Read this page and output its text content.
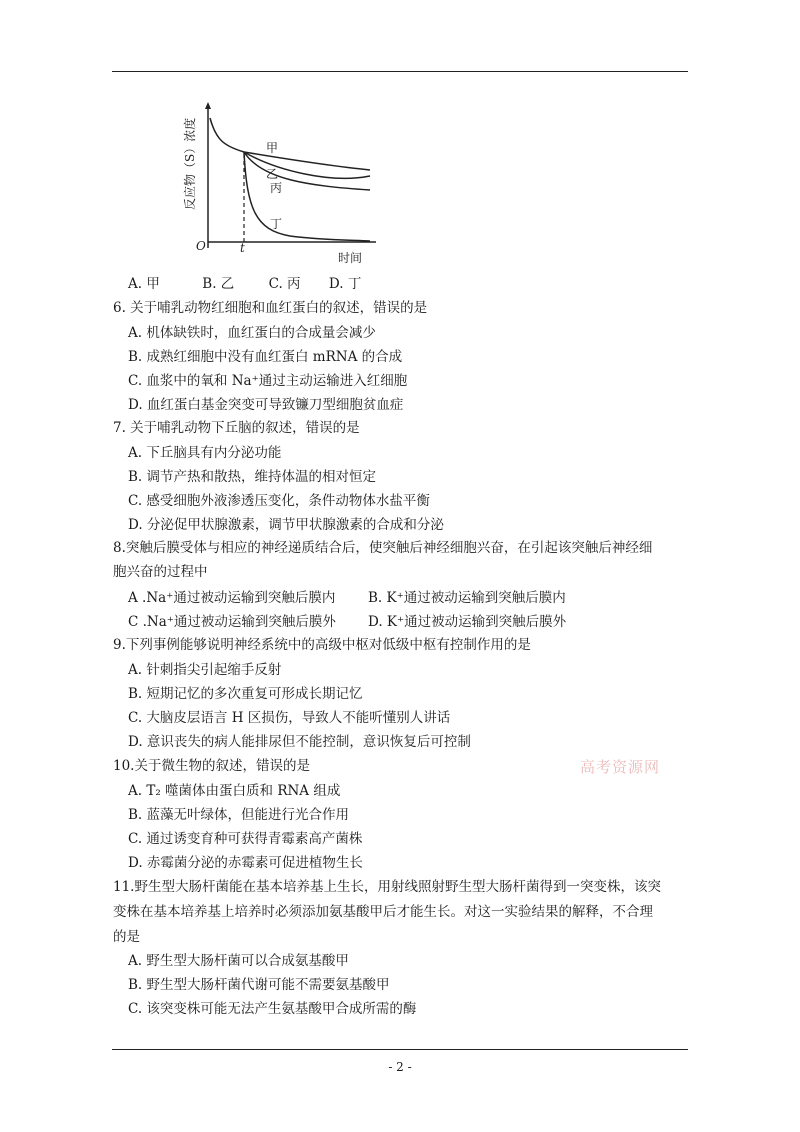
反应物（S）浓度	甲
乙
丙
丁
O	t
时间
A. 甲	B. 乙	C. 丙 D. 丁
6. 关于哺乳动物红细胞和血红蛋白的叙述，错误的是
A. 机体缺铁时，血红蛋白的合成量会减少
B. 成熟红细胞中没有血红蛋白 mRNA 的合成
C. 血浆中的氧和 Na⁺通过主动运输进入红细胞
D. 血红蛋白基金突变可导致镰刀型细胞贫血症
7. 关于哺乳动物下丘脑的叙述，错误的是
A. 下丘脑具有内分泌功能
B. 调节产热和散热，维持体温的相对恒定
C. 感受细胞外液渗透压变化，条件动物体水盐平衡
D. 分泌促甲状腺激素，调节甲状腺激素的合成和分泌
8.突触后膜受体与相应的神经递质结合后，使突触后神经细胞兴奋，在引起该突触后神经细
胞兴奋的过程中
A .Na⁺通过被动运输到突触后膜内 B. K⁺通过被动运输到突触后膜内
C .Na⁺通过被动运输到突触后膜外 D. K⁺通过被动运输到突触后膜外
9.下列事例能够说明神经系统中的高级中枢对低级中枢有控制作用的是
A. 针刺指尖引起缩手反射
B. 短期记忆的多次重复可形成长期记忆
C. 大脑皮层语言 H 区损伤，导致人不能听懂别人讲话
D. 意识丧失的病人能排尿但不能控制，意识恢复后可控制
高考资源网
10.关于微生物的叙述，错误的是
A. T₂ 噬菌体由蛋白质和 RNA 组成
B. 蓝藻无叶绿体，但能进行光合作用
C. 通过诱变育种可获得青霉素高产菌株
D. 赤霉菌分泌的赤霉素可促进植物生长
11.野生型大肠杆菌能在基本培养基上生长，用射线照射野生型大肠杆菌得到一突变株，该突
变株在基本培养基上培养时必须添加氨基酸甲后才能生长。对这一实验结果的解释，不合理
的是
A. 野生型大肠杆菌可以合成氨基酸甲
B. 野生型大肠杆菌代谢可能不需要氨基酸甲
C. 该突变株可能无法产生氨基酸甲合成所需的酶
- 2 -
